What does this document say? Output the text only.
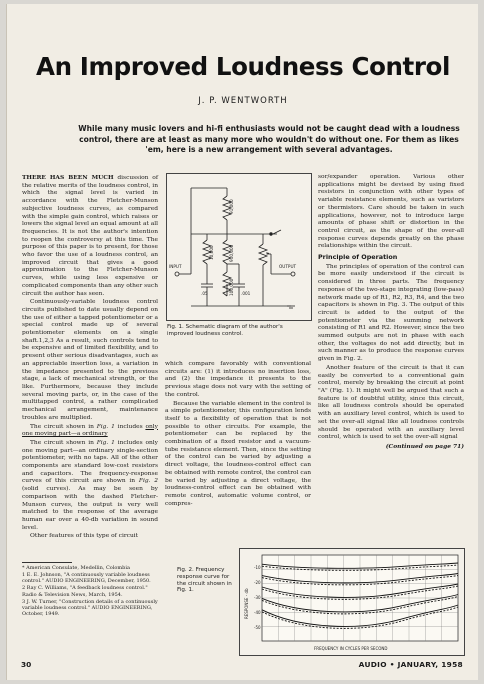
An Improved Loudness Control
J. P. WENTWORTH
While many music lovers and hi-fi enthusiasts would not be caught dead with a loudness control, there are at least as many more who wouldn't do without one. For them as likes 'em, here is a new arrangement with several advantages.

THERE HAS BEEN MUCH discussion of the relative merits of the loudness control, in which the signal level is varied in accordance with the Fletcher-Munson subjective loudness curves, as compared with the simple gain control, which raises or lowers the signal level an equal amount at all frequencies. It is not the author's intention to reopen the controversy at this time. The purpose of this paper is to present, for those who favor the use of a loudness control, an improved circuit that gives a good approximation to the Fletcher-Munson curves, while using less expensive or complicated components than any other such circuit the author has seen.

Continuously-variable loudness control circuits published to date usually depend on the use of either a tapped potentiometer or a special control made up of several potentiometer elements on a single shaft.1,2,3 As a result, such controls tend to be expensive and of limited flexibility, and to present other serious disadvantages, such as an appreciable insertion loss, a variation in the impedance presented to the previous stage, a lack of mechanical strength, or the like. Furthermore, because they include several moving parts, or, in the case of the multitapped control, a rather complicated mechanical arrangement, maintenance troubles are multiplied.

The circuit shown in Fig. 1 includes only one moving part—a ordinary

The circuit shown in Fig. 1 includes only one moving part—an ordinary single-section potentiometer, with no taps. All of the other components are standard low-cost resistors and capacitors. The frequency-response curves of this circuit are shown in Fig. 2 (solid curves). As may be seen by comparison with the dashed Fletcher-Munson curves, the output is very well matched to the response of the average human ear over a 40-db variation in sound level.

Other features of this type of circuit

* American Consulate, Medellin, Colombia
1 E. E. Johnson, "A continuously variable loudness control." AUDIO ENGINEERING, December, 1950.
2 Ray C. Williams, "A feedback loudness control." Radio & Television News, March, 1954.
3 J. W. Turner, "Construction details of a continuously variable loudness control." AUDIO ENGINEERING, October, 1949.
INPUT	OUTPUT
91,000
10,000	910,000
100,000
.05	.001
Fig. 1. Schematic diagram of the author's improved loudness control.

which compare favorably with conventional circuits are: (1) it introduces no insertion loss, and (2) the impedance it presents to the previous stage does not vary with the setting of the control.

Because the variable element in the control is a simple potentiometer, this configuration lends itself to a flexibility of operation that is not possible to other circuits. For example, the potentiometer can be replaced by the combination of a fixed resistor and a vacuum-tube resistance element. Then, since the setting of the control can be varied by adjusting a direct voltage, the loudness-control effect can be obtained with remote control, the control can be varied by adjusting a direct voltage, the loudness-control effect can be obtained with remote control, automatic volume control, or compres-

sor/expander operation. Various other applications might be devised by using fixed resistors in conjunction with other types of variable resistance elements, such as varistors or thermistors. Care should be taken in such applications, however, not to introduce large amounts of phase shift or distortion in the control circuit, as the shape of the over-all response curves depends greatly on the phase relationships within the circuit.

Principle of Operation

The principles of operation of the control can be more easily understood if the circuit is considered in three parts. The frequency response of the two-stage integrating (low-pass) network made up of R1, R2, R3, R4, and the two capacitors is shown in Fig. 3. The output of this circuit is added to the output of the potentiometer via the summing network consisting of R1 and R2. However, since the two summed outputs are not in phase with each other, the voltages do not add directly, but in such manner as to produce the response curves given in Fig. 2.

Another feature of the circuit is that it can easily be converted to a conventional gain control, merely by breaking the circuit at point "A" (Fig. 1). It might well be argued that such a feature is of doubtful utility, since this circuit, like all loudness controls should be operated with an auxiliary level control, which is used to set the over-all signal like all loudness controls should be operated with an auxiliary level control, which is used to set the over-all signal

(Continued on page 71)
Fig. 2. Frequency response curve for the circuit shown in Fig. 1.
-10
-20
-30
-40
-50
RESPONSE - db
FREQUENCY IN CYCLES PER SECOND
30	AUDIO • JANUARY, 1958
